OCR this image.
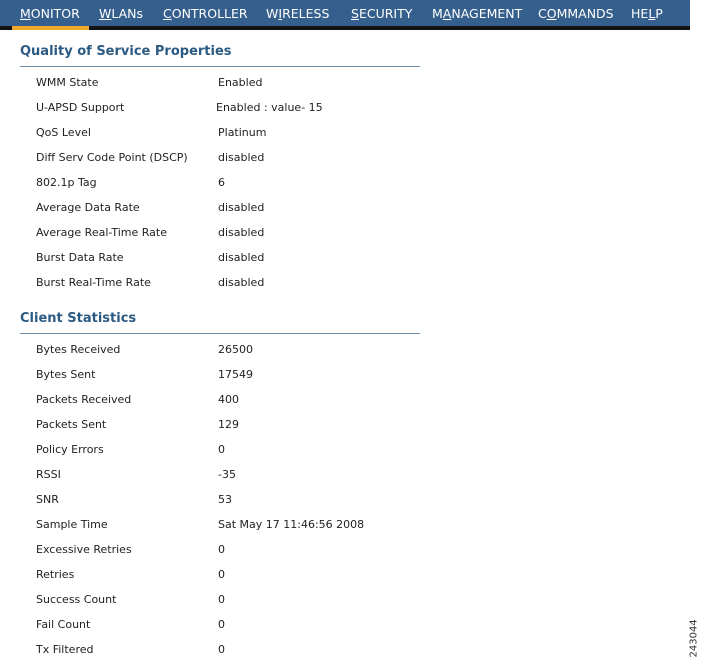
MONITOR WLANs CONTROLLER WIRELESS SECURITY MANAGEMENT COMMANDS HELP
Quality of Service Properties
WMM State	Enabled
U-APSD Support	Enabled : value- 15
QoS Level	Platinum
Diff Serv Code Point (DSCP)	disabled
802.1p Tag	6
Average Data Rate	disabled
Average Real-Time Rate	disabled
Burst Data Rate	disabled
Burst Real-Time Rate	disabled
Client Statistics
Bytes Received	26500
Bytes Sent	17549
Packets Received	400
Packets Sent	129
Policy Errors	0
RSSI	-35
SNR	53
Sample Time	Sat May 17 11:46:56 2008
Excessive Retries	0
Retries	0
Success Count	0
Fail Count	0
Tx Filtered	0	243044
